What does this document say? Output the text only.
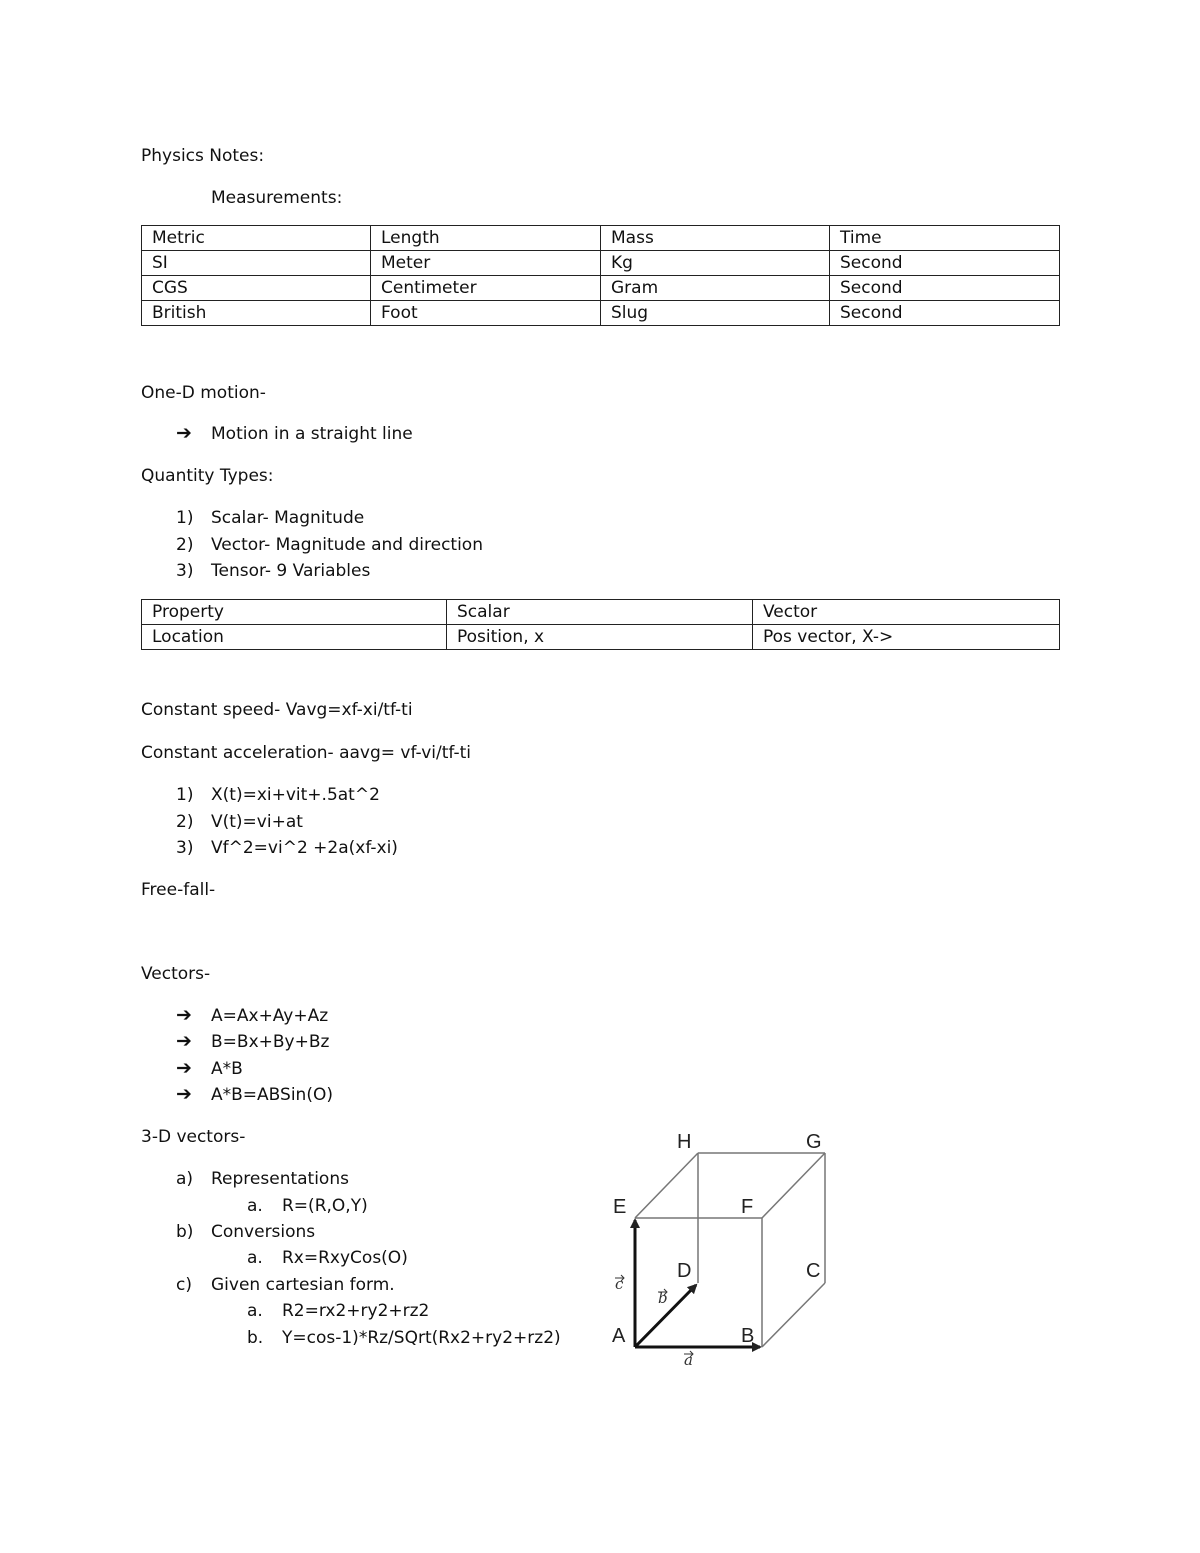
Physics Notes:
Measurements:
Metric	Length	Mass	Time
SI	Meter	Kg	Second
CGS	Centimeter	Gram	Second
British	Foot	Slug	Second
One-D motion-
➔ Motion in a straight line
Quantity Types:
1) Scalar- Magnitude
2) Vector- Magnitude and direction
3) Tensor- 9 Variables
Property	Scalar	Vector
Location	Position, x	Pos vector, X->
Constant speed- Vavg=xf-xi/tf-ti
Constant acceleration- aavg= vf-vi/tf-ti
1) X(t)=xi+vit+.5at^2
2) V(t)=vi+at
3) Vf^2=vi^2 +2a(xf-xi)
Free-fall-
Vectors-
➔ A=Ax+Ay+Az
➔ B=Bx+By+Bz
➔ A*B
➔ A*B=ABSin(O)
3-D vectors-
a) Representations
a. R=(R,O,Y)
b) Conversions
a. Rx=RxyCos(O)
c) Given cartesian form.
a. R2=rx2+ry2+rz2
b. Y=cos-1)*Rz/SQrt(Rx2+ry2+rz2)
H	G
E	F
D	C
A	B
c
b
a
